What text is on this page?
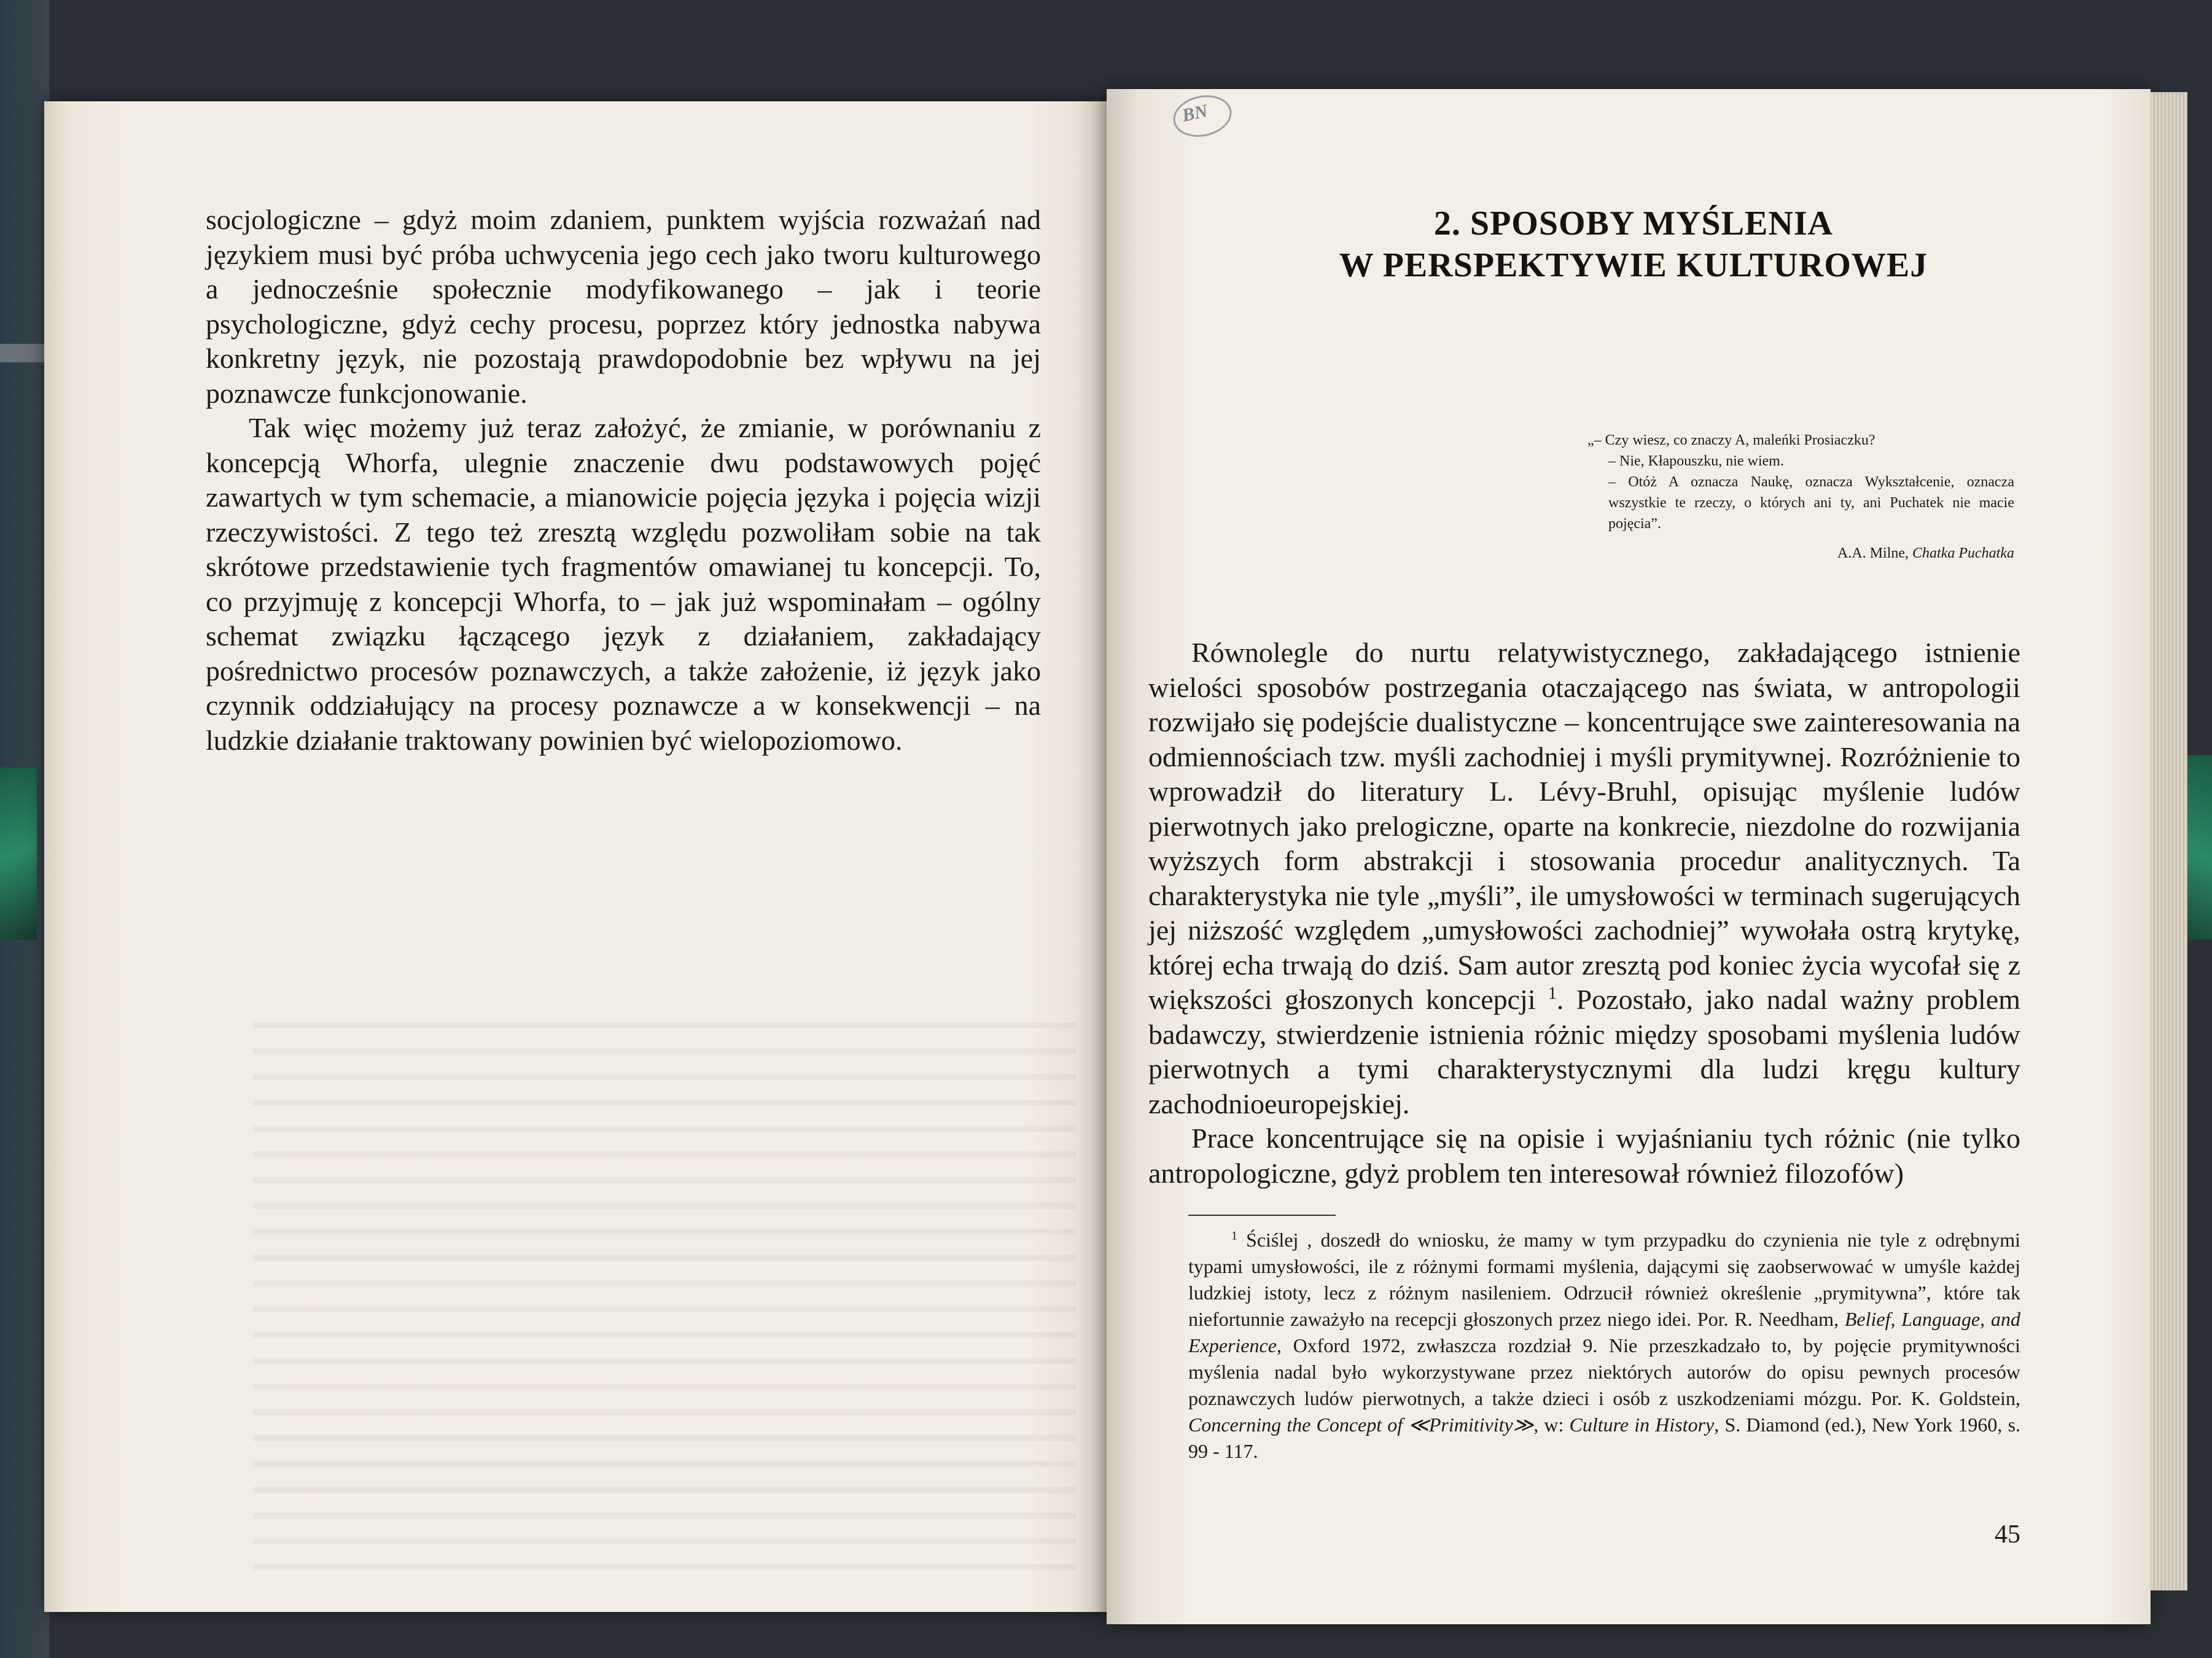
BN

socjologiczne – gdyż moim zdaniem, punktem wyjścia rozważań nad językiem musi być próba uchwycenia jego cech jako tworu kulturowego a jednocześnie społecznie modyfikowanego – jak i teorie psychologiczne, gdyż cechy procesu, poprzez który jednostka nabywa konkretny język, nie pozostają prawdopodobnie bez wpływu na jej poznawcze funkcjonowanie.

Tak więc możemy już teraz założyć, że zmianie, w porównaniu z koncepcją Whorfa, ulegnie znaczenie dwu podstawowych pojęć zawartych w tym schemacie, a mianowicie pojęcia języka i pojęcia wizji rzeczywistości. Z tego też zresztą względu pozwoliłam sobie na tak skrótowe przedstawienie tych fragmentów omawianej tu koncepcji. To, co przyjmuję z koncepcji Whorfa, to – jak już wspominałam – ogólny schemat związku łączącego język z działaniem, zakładający pośrednictwo procesów poznawczych, a także założenie, iż język jako czynnik oddziałujący na procesy poznawcze a w konsekwencji – na ludzkie działanie traktowany powinien być wielopoziomowo.

2. SPOSOBY MYŚLENIA
W PERSPEKTYWIE KULTUROWEJ
„– Czy wiesz, co znaczy A, maleńki Prosiaczku?
– Nie, Kłapouszku, nie wiem.
– Otóż A oznacza Naukę, oznacza Wykształcenie, oznacza wszystkie te rzeczy, o których ani ty, ani Puchatek nie macie pojęcia”.
A.A. Milne, Chatka Puchatka

Równolegle do nurtu relatywistycznego, zakładającego istnienie wielości sposobów postrzegania otaczającego nas świata, w antropologii rozwijało się podejście dualistyczne – koncentrujące swe zainteresowania na odmiennościach tzw. myśli zachodniej i myśli prymitywnej. Rozróżnienie to wprowadził do literatury L. Lévy-Bruhl, opisując myślenie ludów pierwotnych jako prelogiczne, oparte na konkrecie, niezdolne do rozwijania wyższych form abstrakcji i stosowania procedur analitycznych. Ta charakterystyka nie tyle „myśli”, ile umysłowości w terminach sugerujących jej niższość względem „umysłowości zachodniej” wywołała ostrą krytykę, której echa trwają do dziś. Sam autor zresztą pod koniec życia wycofał się z większości głoszonych koncepcji $^1$. Pozostało, jako nadal ważny problem badawczy, stwierdzenie istnienia różnic między sposobami myślenia ludów pierwotnych a tymi charakterystycznymi dla ludzi kręgu kultury zachodnioeuropejskiej.

Prace koncentrujące się na opisie i wyjaśnianiu tych różnic (nie tylko antropologiczne, gdyż problem ten interesował również filozofów)

$^1$ Ściślej , doszedł do wniosku, że mamy w tym przypadku do czynienia nie tyle z odrębnymi typami umysłowości, ile z różnymi formami myślenia, dającymi się zaobserwować w umyśle każdej ludzkiej istoty, lecz z różnym nasileniem. Odrzucił również określenie „prymitywna”, które tak niefortunnie zaważyło na recepcji głoszonych przez niego idei. Por. R. Needham, Belief, Language, and Experience, Oxford 1972, zwłaszcza rozdział 9. Nie przeszkadzało to, by pojęcie prymitywności myślenia nadal było wykorzystywane przez niektórych autorów do opisu pewnych procesów poznawczych ludów pierwotnych, a także dzieci i osób z uszkodzeniami mózgu. Por. K. Goldstein, Concerning the Concept of ≪Primitivity≫, w: Culture in History, S. Diamond (ed.), New York 1960, s. 99 - 117.

45
